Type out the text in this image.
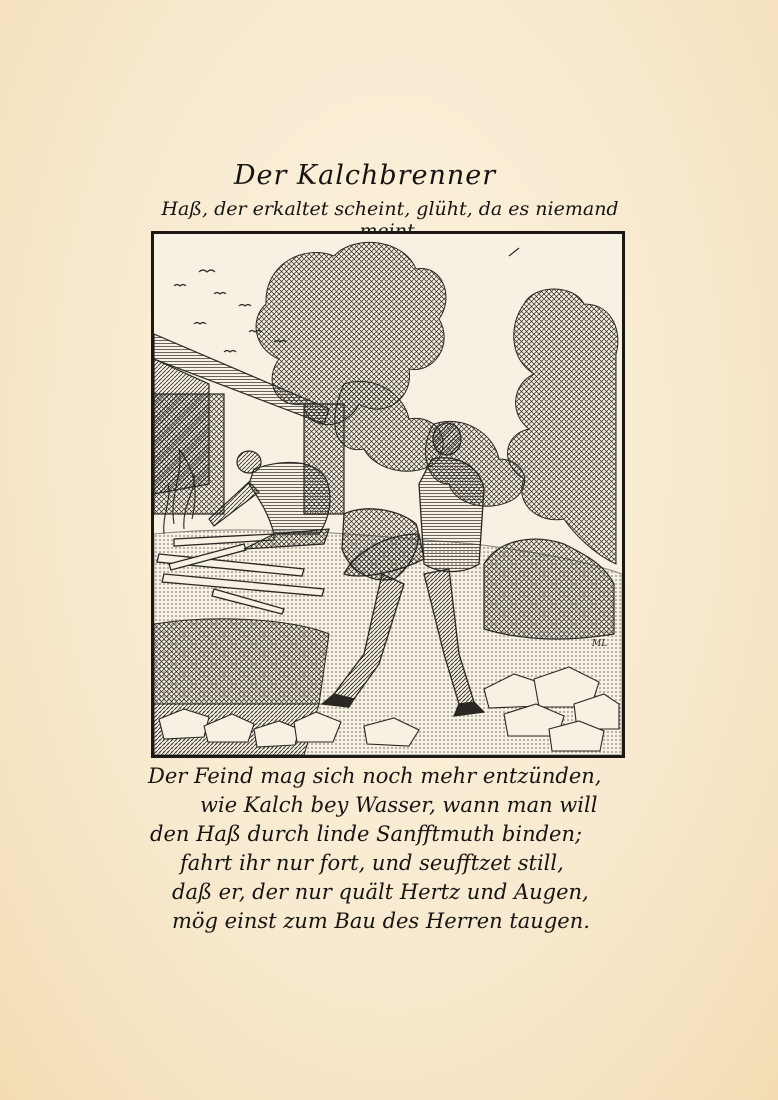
Der Kalchbrenner

Haß, der erkaltet scheint, glüht, da es niemand

ML
Der Feind mag sich noch mehr entzünden,
wie Kalch bey Wasser, wann man will
den Haß durch linde Sanfftmuth binden;
fahrt ihr nur fort, und seufftzet still,
daß er, der nur quält Hertz und Augen,
mög einst zum Bau des Herren taugen.
